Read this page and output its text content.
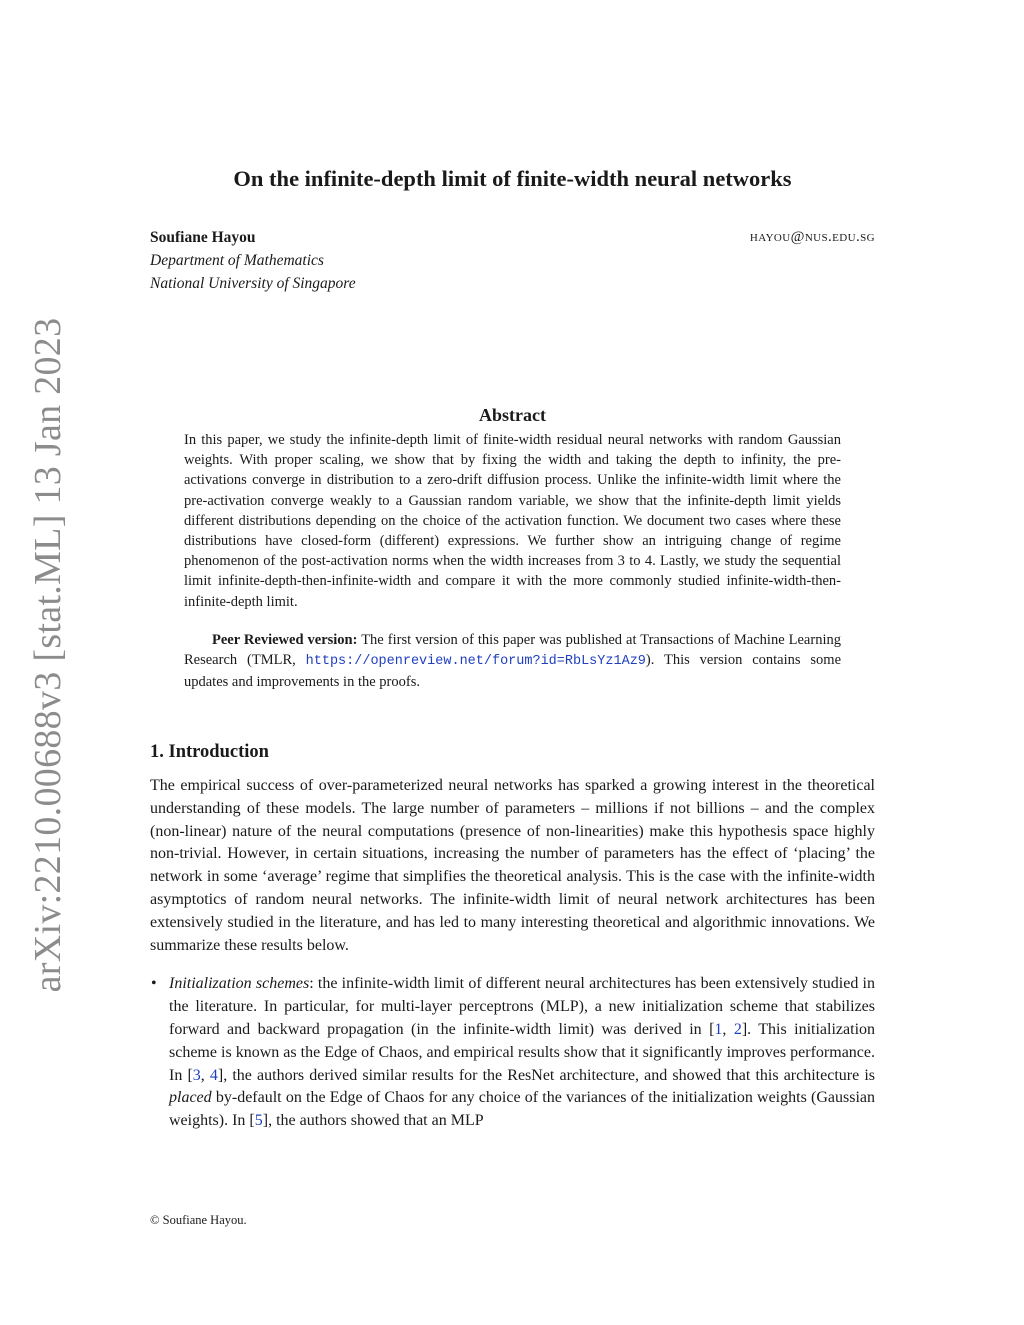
arXiv:2210.00688v3 [stat.ML] 13 Jan 2023
On the infinite-depth limit of finite-width neural networks
Soufiane Hayou	hayou@nus.edu.sg
Department of Mathematics
National University of Singapore
Abstract

In this paper, we study the infinite-depth limit of finite-width residual neural networks with random Gaussian weights. With proper scaling, we show that by fixing the width and taking the depth to infinity, the pre-activations converge in distribution to a zero-drift diffusion process. Unlike the infinite-width limit where the pre-activation converge weakly to a Gaussian random variable, we show that the infinite-depth limit yields different distributions depending on the choice of the activation function. We document two cases where these distributions have closed-form (different) expressions. We further show an intriguing change of regime phenomenon of the post-activation norms when the width increases from 3 to 4. Lastly, we study the sequential limit infinite-depth-then-infinite-width and compare it with the more commonly studied infinite-width-then-infinite-depth limit.

Peer Reviewed version: The first version of this paper was published at Transactions of Machine Learning Research (TMLR, https://openreview.net/forum?id=RbLsYz1Az9). This version contains some updates and improvements in the proofs.

1. Introduction

The empirical success of over-parameterized neural networks has sparked a growing interest in the theoretical understanding of these models. The large number of parameters – millions if not billions – and the complex (non-linear) nature of the neural computations (presence of non-linearities) make this hypothesis space highly non-trivial. However, in certain situations, increasing the number of parameters has the effect of ‘placing’ the network in some ‘average’ regime that simplifies the theoretical analysis. This is the case with the infinite-width asymptotics of random neural networks. The infinite-width limit of neural network architectures has been extensively studied in the literature, and has led to many interesting theoretical and algorithmic innovations. We summarize these results below.

• Initialization schemes: the infinite-width limit of different neural architectures has been extensively studied in the literature. In particular, for multi-layer perceptrons (MLP), a new initialization scheme that stabilizes forward and backward propagation (in the infinite-width limit) was derived in [1, 2]. This initialization scheme is known as the Edge of Chaos, and empirical results show that it significantly improves performance. In [3, 4], the authors derived similar results for the ResNet architecture, and showed that this architecture is placed by-default on the Edge of Chaos for any choice of the variances of the initialization weights (Gaussian weights). In [5], the authors showed that an MLP
© Soufiane Hayou.
